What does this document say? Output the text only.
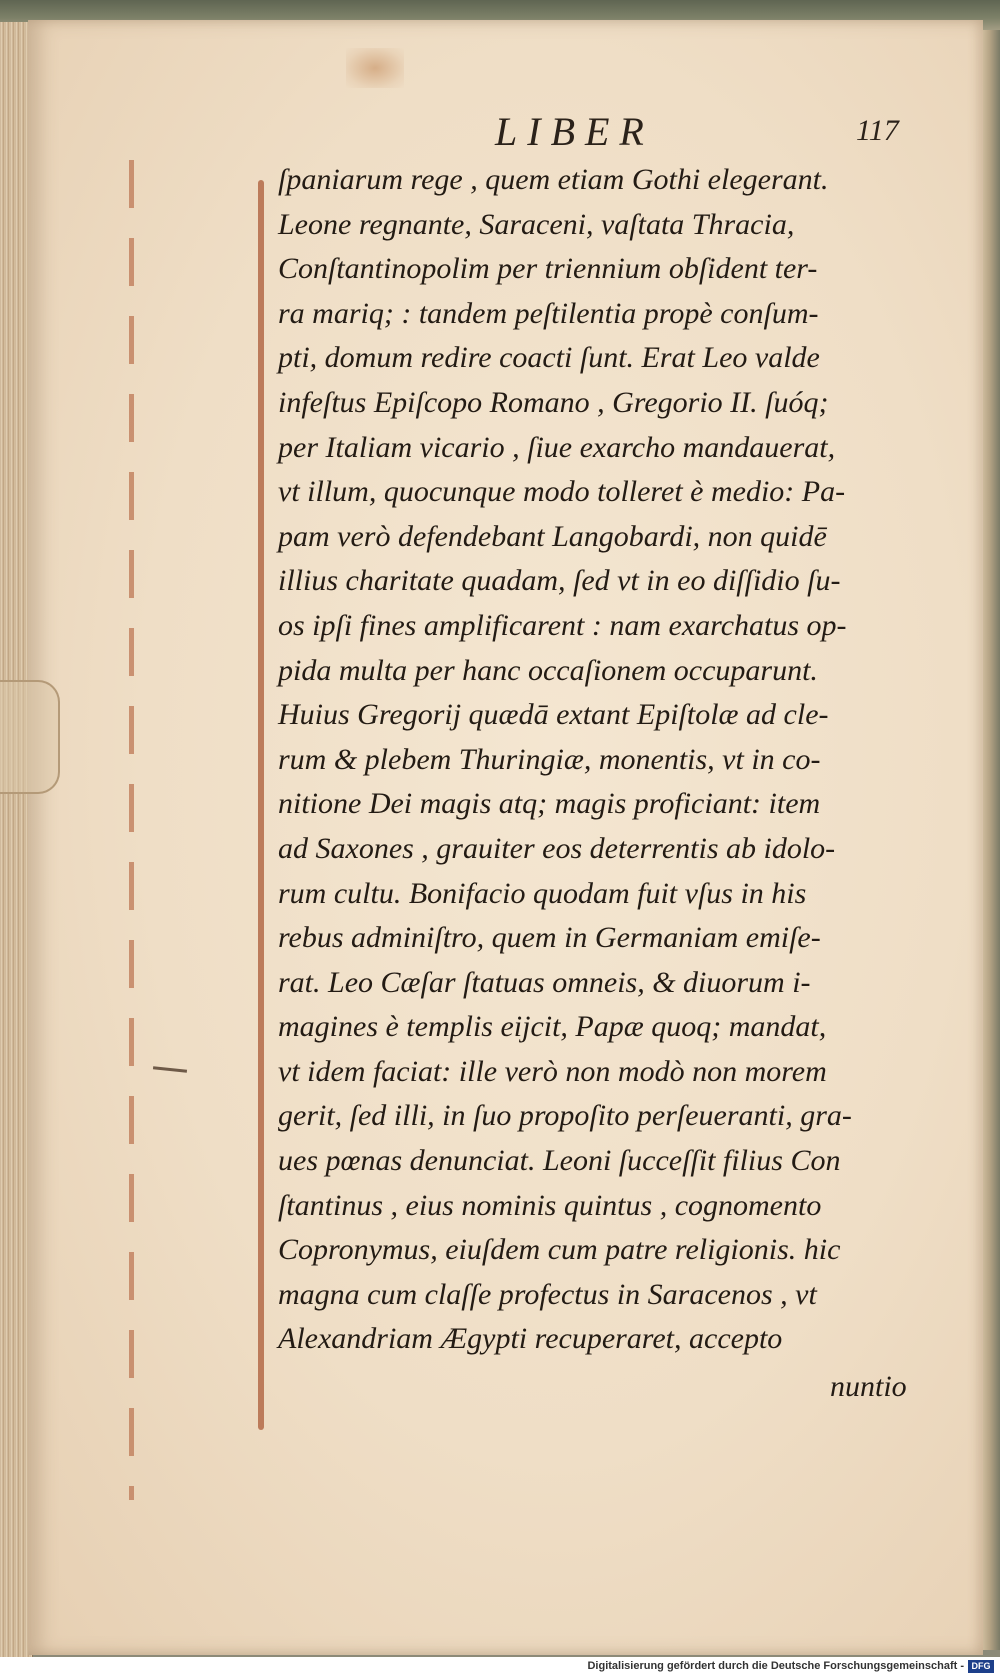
LIBER	117
ſpaniarum rege , quem etiam Gothi elegerant.
Leone regnante, Saraceni, vaſtata Thracia,
Conſtantinopolim per triennium obſident ter-
ra mariq; : tandem peſtilentia propè conſum-
pti, domum redire coacti ſunt. Erat Leo valde
infeſtus Epiſcopo Romano , Gregorio II. ſuóq;
per Italiam vicario , ſiue exarcho mandauerat,
vt illum, quocunque modo tolleret è medio: Pa-
pam verò defendebant Langobardi, non quidē
illius charitate quadam, ſed vt in eo diſſidio ſu-
os ipſi fines amplificarent : nam exarchatus op-
pida multa per hanc occaſionem occuparunt.
Huius Gregorij quædā extant Epiſtolæ ad cle-
rum & plebem Thuringiæ, monentis, vt in co-
nitione Dei magis atq; magis proficiant: item
ad Saxones , grauiter eos deterrentis ab idolo-
rum cultu. Bonifacio quodam fuit vſus in his
rebus adminiſtro, quem in Germaniam emiſe-
rat. Leo Cæſar ſtatuas omneis, & diuorum i-
magines è templis eijcit, Papæ quoq; mandat,
vt idem faciat: ille verò non modò non morem
gerit, ſed illi, in ſuo propoſito perſeueranti, gra-
ues pœnas denunciat. Leoni ſucceſſit filius Con
ſtantinus , eius nominis quintus , cognomento
Copronymus, eiuſdem cum patre religionis. hic
magna cum claſſe profectus in Saracenos , vt
Alexandriam Ægypti recuperaret, accepto
nuntio
Digitalisierung gefördert durch die Deutsche Forschungsgemeinschaft - DFG
